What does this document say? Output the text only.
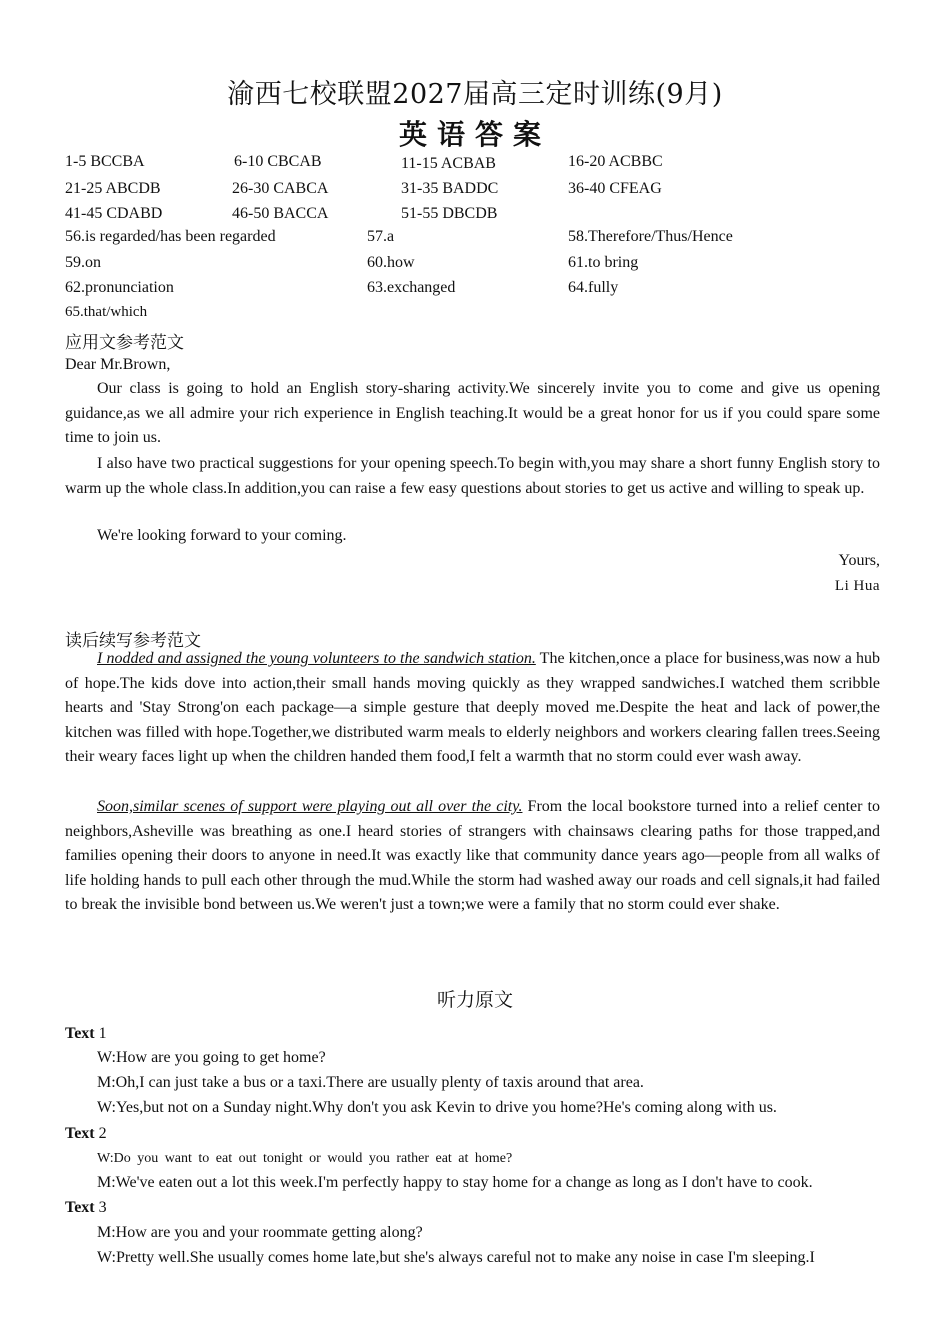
渝西七校联盟2027届高三定时训练(9月)
英语答案
1-5 BCCBA	6-10 CBCAB	11-15 ACBAB	16-20 ACBBC
21-25 ABCDB	26-30 CABCA	31-35 BADDC	36-40 CFEAG
41-45 CDABD	46-50 BACCA	51-55 DBCDB
56.is regarded/has been regarded	57.a	58.Therefore/Thus/Hence
59.on	60.how	61.to bring
62.pronunciation	63.exchanged	64.fully
65.that/which
应用文参考范文
Dear Mr.Brown,

Our class is going to hold an English story-sharing activity.We sincerely invite you to come and give us opening guidance,as we all admire your rich experience in English teaching.It would be a great honor for us if you could spare some time to join us.

I also have two practical suggestions for your opening speech.To begin with,you may share a short funny English story to warm up the whole class.In addition,you can raise a few easy questions about stories to get us active and willing to speak up.

We're looking forward to your coming.
Yours,
Li Hua
读后续写参考范文

I nodded and assigned the young volunteers to the sandwich station. The kitchen,once a place for business,was now a hub of hope.The kids dove into action,their small hands moving quickly as they wrapped sandwiches.I watched them scribble hearts and 'Stay Strong'on each package—a simple gesture that deeply moved me.Despite the heat and lack of power,the kitchen was filled with hope.Together,we distributed warm meals to elderly neighbors and workers clearing fallen trees.Seeing their weary faces light up when the children handed them food,I felt a warmth that no storm could ever wash away.

Soon,similar scenes of support were playing out all over the city. From the local bookstore turned into a relief center to neighbors,Asheville was breathing as one.I heard stories of strangers with chainsaws clearing paths for those trapped,and families opening their doors to anyone in need.It was exactly like that community dance years ago—people from all walks of life holding hands to pull each other through the mud.While the storm had washed away our roads and cell signals,it had failed to break the invisible bond between us.We weren't just a town;we were a family that no storm could ever shake.

听力原文
Text 1
W:How are you going to get home?
M:Oh,I can just take a bus or a taxi.There are usually plenty of taxis around that area.
W:Yes,but not on a Sunday night.Why don't you ask Kevin to drive you home?He's coming along with us.
Text 2
W:Do you want to eat out tonight or would you rather eat at home?
M:We've eaten out a lot this week.I'm perfectly happy to stay home for a change as long as I don't have to cook.
Text 3
M:How are you and your roommate getting along?
W:Pretty well.She usually comes home late,but she's always careful not to make any noise in case I'm sleeping.I
